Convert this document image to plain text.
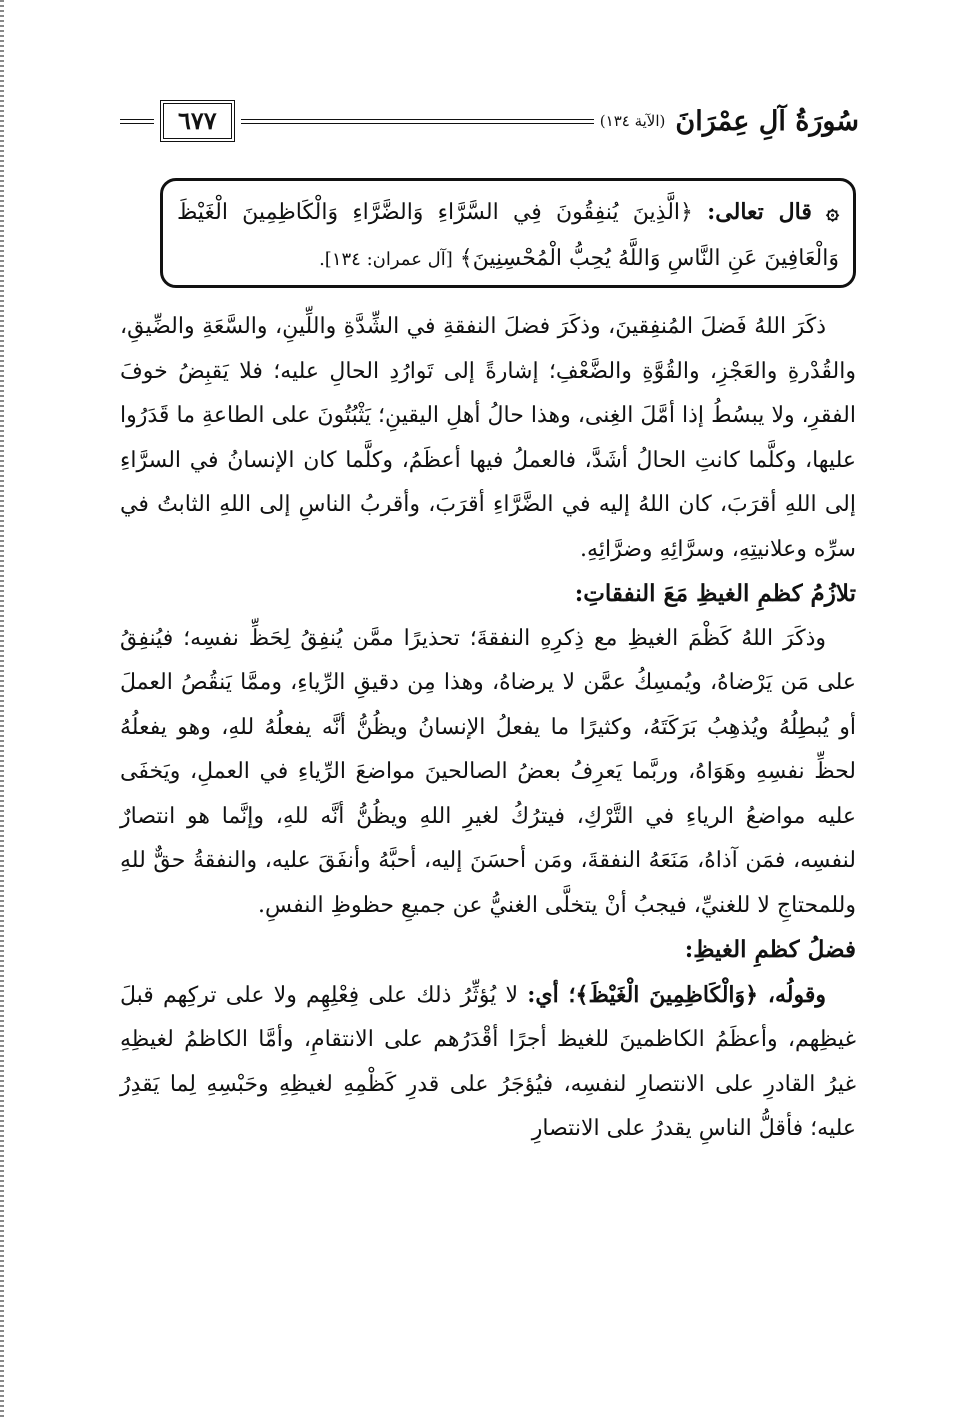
سُورَةُ آلِ عِمْرَانَ
(الآية ١٣٤)
٦٧٧
۞ قال تعالى: ﴿الَّذِينَ يُنفِقُونَ فِي السَّرَّاءِ وَالضَّرَّاءِ وَالْكَاظِمِينَ الْغَيْظَ وَالْعَافِينَ عَنِ النَّاسِ وَاللَّهُ يُحِبُّ الْمُحْسِنِينَ﴾ [آل عمران: ١٣٤].

ذكَرَ اللهُ فَضلَ المُنفِقينَ، وذكَرَ فضلَ النفقةِ في الشِّدَّةِ واللِّينِ، والسَّعَةِ والضِّيقِ، والقُدْرةِ والعَجْزِ، والقُوَّةِ والضَّعْفِ؛ إشارةً إلى تَوارُدِ الحالِ عليه؛ فلا يَقبِضُ خوفَ الفقرِ، ولا يبسُطُ إذا أمَّلَ الغِنى، وهذا حالُ أهلِ اليقينِ؛ يَثْبُتُونَ على الطاعةِ ما قَدَرُوا عليها، وكلَّما كانتِ الحالُ أشَدَّ، فالعملُ فيها أعظَمُ، وكلَّما كان الإنسانُ في السرَّاءِ إلى اللهِ أقرَبَ، كان اللهُ إليه في الضَّرَّاءِ أقرَبَ، وأقربُ الناسِ إلى اللهِ الثابتُ في سرِّه وعلانيتِهِ، وسرَّائِهِ وضرَّائِهِ.

تلازُمُ كظمِ الغيظِ مَعَ النفقاتِ:

وذكَرَ اللهُ كَظْمَ الغيظِ مع ذِكرِهِ النفقةَ؛ تحذيرًا ممَّن يُنفِقُ لِحَظِّ نفسِه؛ فيُنفِقُ على مَن يَرْضاهُ، ويُمسِكُ عمَّن لا يرضاهُ، وهذا مِن دقيقِ الرِّياءِ، وممَّا يَنقُصُ العملَ أو يُبطِلُهُ ويُذهِبُ بَرَكَتَهُ، وكثيرًا ما يفعلُ الإنسانُ ويظُنُّ أنَّه يفعلُهُ للهِ، وهو يفعلُهُ لحظِّ نفسِهِ وهَوَاهُ، وربَّما يَعرِفُ بعضُ الصالحينَ مواضعَ الرِّياءِ في العملِ، ويَخفَى عليه مواضعُ الرياءِ في التَّرْكِ، فيترُكُ لغيرِ اللهِ ويظُنُّ أنَّه للهِ، وإنَّما هو انتصارٌ لنفسِه، فمَن آذاهُ، مَنَعَهُ النفقةَ، ومَن أحسَنَ إليه، أحبَّهُ وأنفَقَ عليه، والنفقةُ حقٌّ للهِ وللمحتاجِ لا للغنيِّ، فيجبُ أنْ يتخلَّى الغنيُّ عن جميعِ حظوظِ النفسِ.

فضلُ كظمِ الغيظِ:

وقولُه، ﴿وَالْكَاظِمِينَ الْغَيْظَ﴾؛ أي: لا يُؤثِّرُ ذلك على فِعْلِهِم ولا على تركِهم قبلَ غيظِهم، وأعظَمُ الكاظمينَ للغيظ أجرًا أقْدَرُهم على الانتقامِ، وأمَّا الكاظمُ لغيظِهِ غيرُ القادرِ على الانتصارِ لنفسِه، فيُؤجَرُ على قدرِ كَظْمِهِ لغيظِهِ وحَبْسِهِ لِما يَقدِرُ عليه؛ فأقلُّ الناسِ يقدرُ على الانتصارِ
